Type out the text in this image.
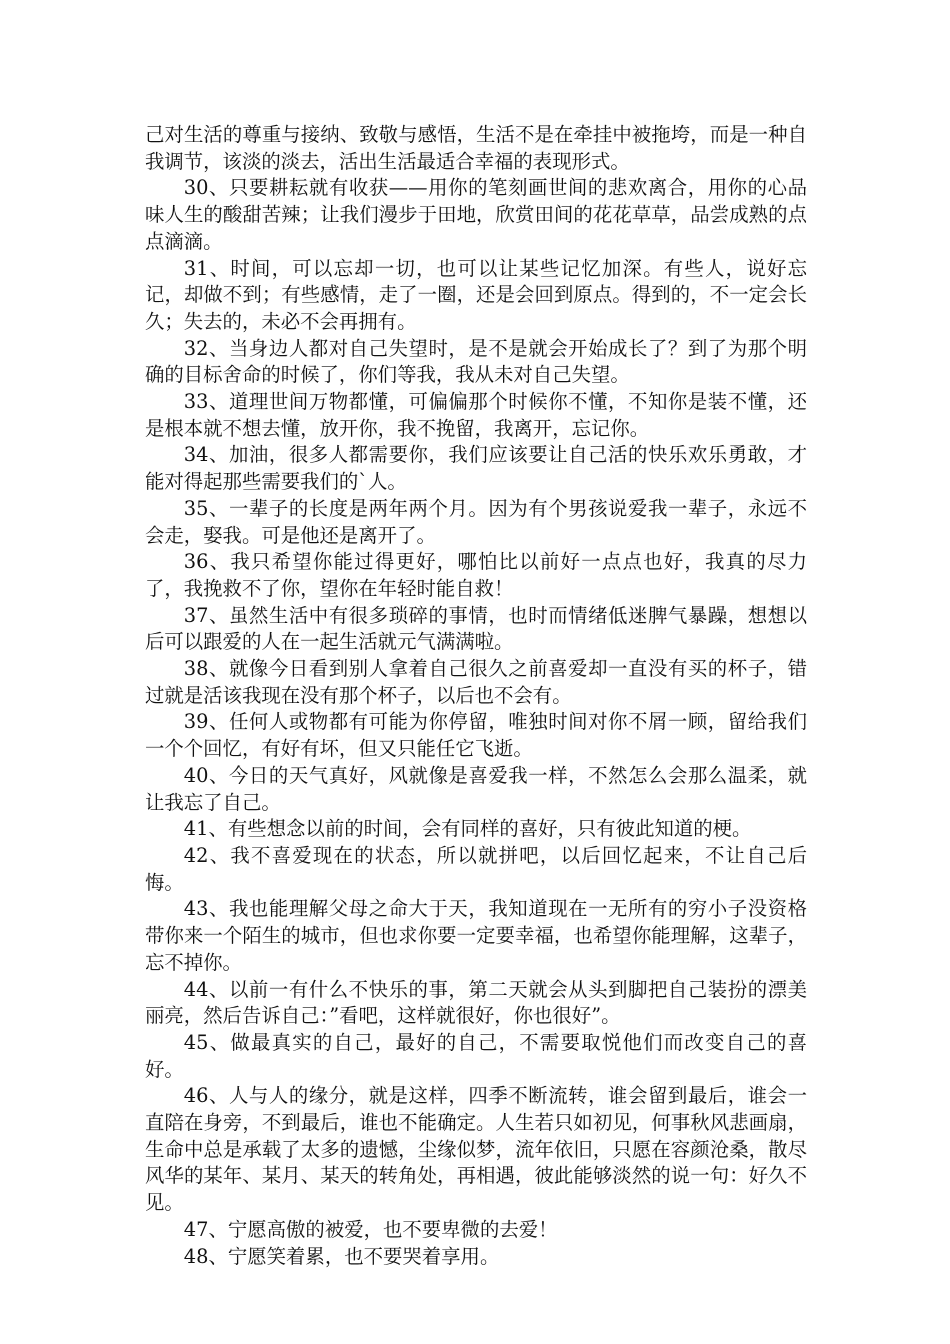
己对生活的尊重与接纳、致敬与感悟，生活不是在牵挂中被拖垮，而是一种自我调节，该淡的淡去，活出生活最适合幸福的表现形式。

30、只要耕耘就有收获——用你的笔刻画世间的悲欢离合，用你的心品味人生的酸甜苦辣；让我们漫步于田地，欣赏田间的花花草草，品尝成熟的点点滴滴。

31、时间，可以忘却一切，也可以让某些记忆加深。有些人，说好忘记，却做不到；有些感情，走了一圈，还是会回到原点。得到的，不一定会长久；失去的，未必不会再拥有。

32、当身边人都对自己失望时，是不是就会开始成长了？到了为那个明确的目标舍命的时候了，你们等我，我从未对自己失望。

33、道理世间万物都懂，可偏偏那个时候你不懂，不知你是装不懂，还是根本就不想去懂，放开你，我不挽留，我离开，忘记你。

34、加油，很多人都需要你，我们应该要让自己活的快乐欢乐勇敢，才能对得起那些需要我们的`人。

35、一辈子的长度是两年两个月。因为有个男孩说爱我一辈子，永远不会走，娶我。可是他还是离开了。

36、我只希望你能过得更好，哪怕比以前好一点点也好，我真的尽力了，我挽救不了你，望你在年轻时能自救！

37、虽然生活中有很多琐碎的事情，也时而情绪低迷脾气暴躁，想想以后可以跟爱的人在一起生活就元气满满啦。

38、就像今日看到别人拿着自己很久之前喜爱却一直没有买的杯子，错过就是活该我现在没有那个杯子，以后也不会有。

39、任何人或物都有可能为你停留，唯独时间对你不屑一顾，留给我们一个个回忆，有好有坏，但又只能任它飞逝。

40、今日的天气真好，风就像是喜爱我一样，不然怎么会那么温柔，就让我忘了自己。

41、有些想念以前的时间，会有同样的喜好，只有彼此知道的梗。

42、我不喜爱现在的状态，所以就拼吧，以后回忆起来，不让自己后悔。

43、我也能理解父母之命大于天，我知道现在一无所有的穷小子没资格带你来一个陌生的城市，但也求你要一定要幸福，也希望你能理解，这辈子，忘不掉你。

44、以前一有什么不快乐的事，第二天就会从头到脚把自己装扮的漂美丽亮，然后告诉自己：”看吧，这样就很好，你也很好”。

45、做最真实的自己，最好的自己，不需要取悦他们而改变自己的喜好。

46、人与人的缘分，就是这样，四季不断流转，谁会留到最后，谁会一直陪在身旁，不到最后，谁也不能确定。人生若只如初见，何事秋风悲画扇，生命中总是承载了太多的遗憾，尘缘似梦，流年依旧，只愿在容颜沧桑，散尽风华的某年、某月、某天的转角处，再相遇，彼此能够淡然的说一句：好久不见。

47、宁愿高傲的被爱，也不要卑微的去爱！

48、宁愿笑着累，也不要哭着享用。
